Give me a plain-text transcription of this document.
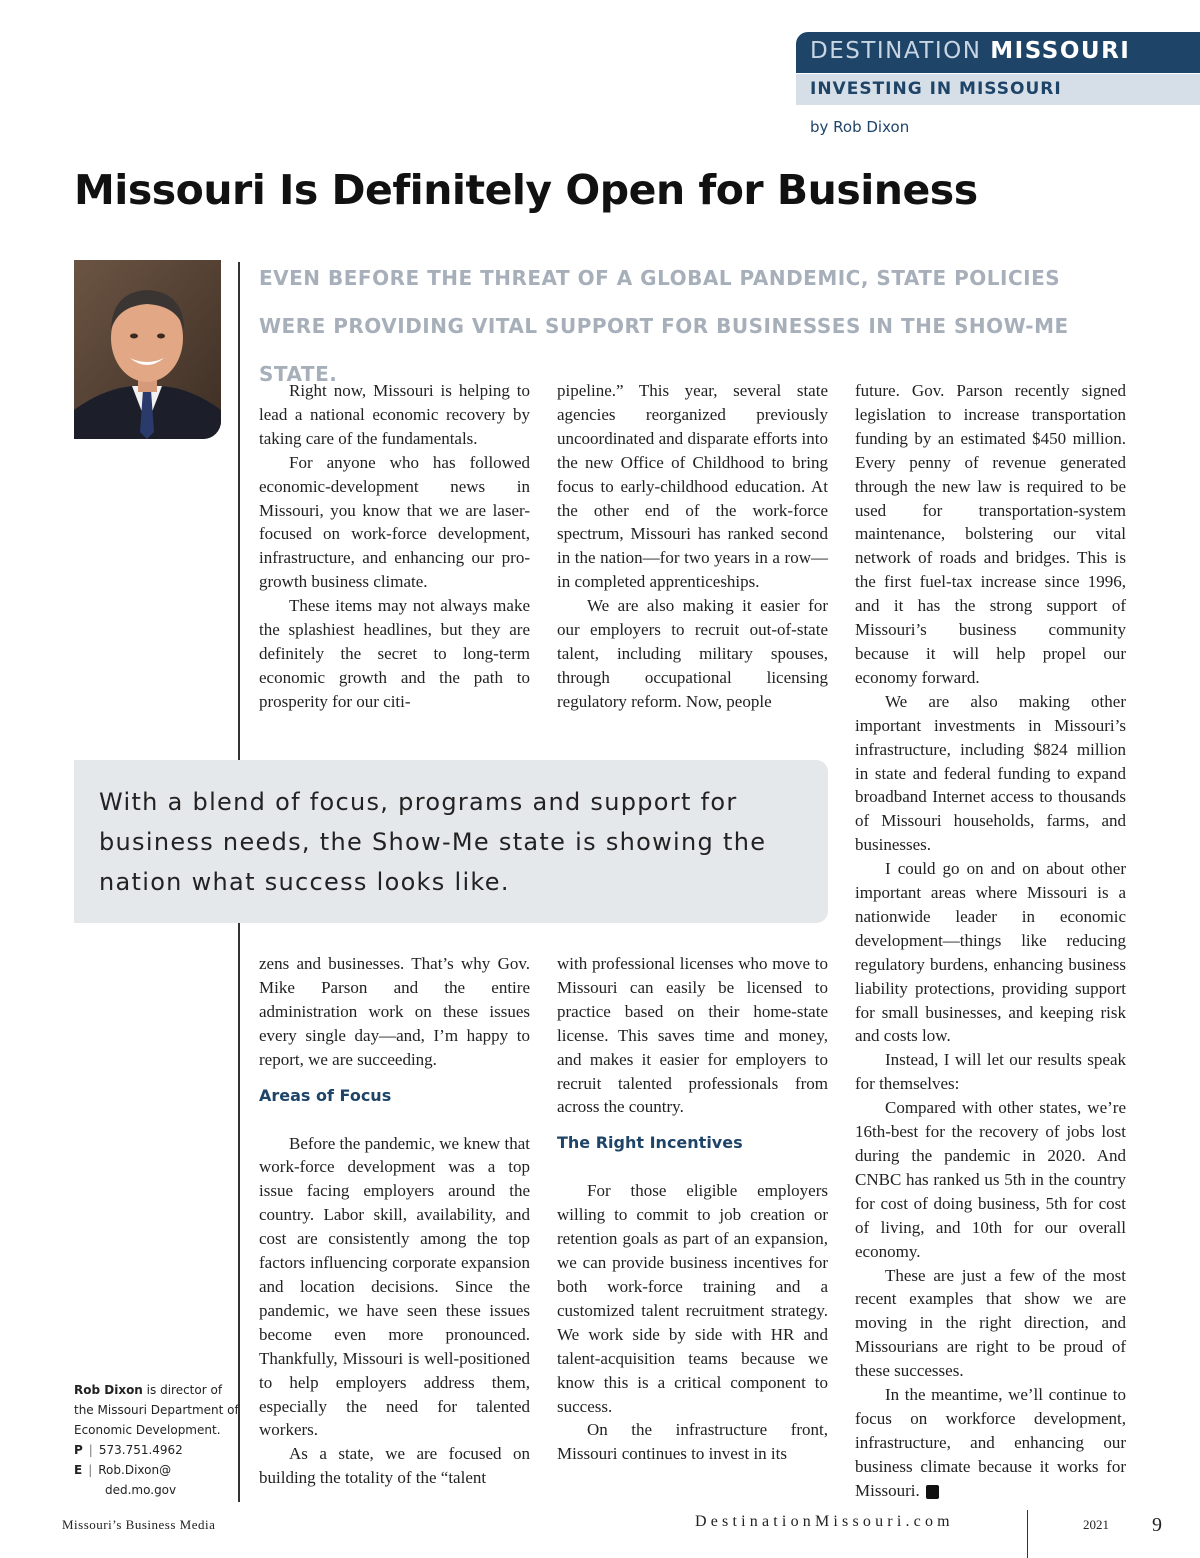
DESTINATION MISSOURI
INVESTING IN MISSOURI
by Rob Dixon
Missouri Is Definitely Open for Business

EVEN BEFORE THE THREAT OF A GLOBAL PANDEMIC, STATE POLICIES WERE PROVIDING VITAL SUPPORT FOR BUSINESSES IN THE SHOW-ME STATE.

Right now, Missouri is helping to lead a national economic recovery by taking care of the fundamentals.

For anyone who has followed economic-development news in Missouri, you know that we are laser-focused on work-force development, infrastructure, and enhancing our pro-growth business climate.

These items may not always make the splashiest headlines, but they are definitely the secret to long-term economic growth and the path to prosperity for our citi-

pipeline.” This year, several state agencies reorganized previously uncoordinated and disparate efforts into the new Office of Childhood to bring focus to early-childhood education. At the other end of the work-force spectrum, Missouri has ranked second in the nation—for two years in a row—in completed apprenticeships.

We are also making it easier for our employers to recruit out-of-state talent, including military spouses, through occupational licensing regulatory reform. Now, people

With a blend of focus, programs and support for business needs, the Show-Me state is showing the nation what success looks like.

zens and businesses. That’s why Gov. Mike Parson and the entire administration work on these issues every single day—and, I’m happy to report, we are succeeding.

Areas of Focus

Before the pandemic, we knew that work-force development was a top issue facing employers around the country. Labor skill, availability, and cost are consistently among the top factors influencing corporate expansion and location decisions. Since the pandemic, we have seen these issues become even more pronounced. Thankfully, Missouri is well-positioned to help employers address them, especially the need for talented workers.

As a state, we are focused on building the totality of the “talent

with professional licenses who move to Missouri can easily be licensed to practice based on their home-state license. This saves time and money, and makes it easier for employers to recruit talented professionals from across the country.

The Right Incentives

For those eligible employers willing to commit to job creation or retention goals as part of an expansion, we can provide business incentives for both work-force training and a customized talent recruitment strategy. We work side by side with HR and talent-acquisition teams because we know this is a critical component to success.

On the infrastructure front, Missouri continues to invest in its

future. Gov. Parson recently signed legislation to increase transportation funding by an estimated $450 million. Every penny of revenue generated through the new law is required to be used for transportation-system maintenance, bolstering our vital network of roads and bridges. This is the first fuel-tax increase since 1996, and it has the strong support of Missouri’s business community because it will help propel our economy forward.

We are also making other important investments in Missouri’s infrastructure, including $824 million in state and federal funding to expand broadband Internet access to thousands of Missouri households, farms, and businesses.

I could go on and on about other important areas where Missouri is a nationwide leader in economic development—things like reducing regulatory burdens, enhancing business liability protections, providing support for small businesses, and keeping risk and costs low.

Instead, I will let our results speak for themselves:

Compared with other states, we’re 16th-best for the recovery of jobs lost during the pandemic in 2020. And CNBC has ranked us 5th in the country for cost of doing business, 5th for cost of living, and 10th for our overall economy.

These are just a few of the most recent examples that show we are moving in the right direction, and Missourians are right to be proud of these successes.

In the meantime, we’ll continue to focus on workforce development, infrastructure, and enhancing our business climate because it works for Missouri.	I

Rob Dixon is director of the Missouri Department of Economic Development.
P | 573.751.4962
E | Rob.Dixon@
ded.mo.gov
Missouri’s Business Media	DestinationMissouri.com	2021 9
